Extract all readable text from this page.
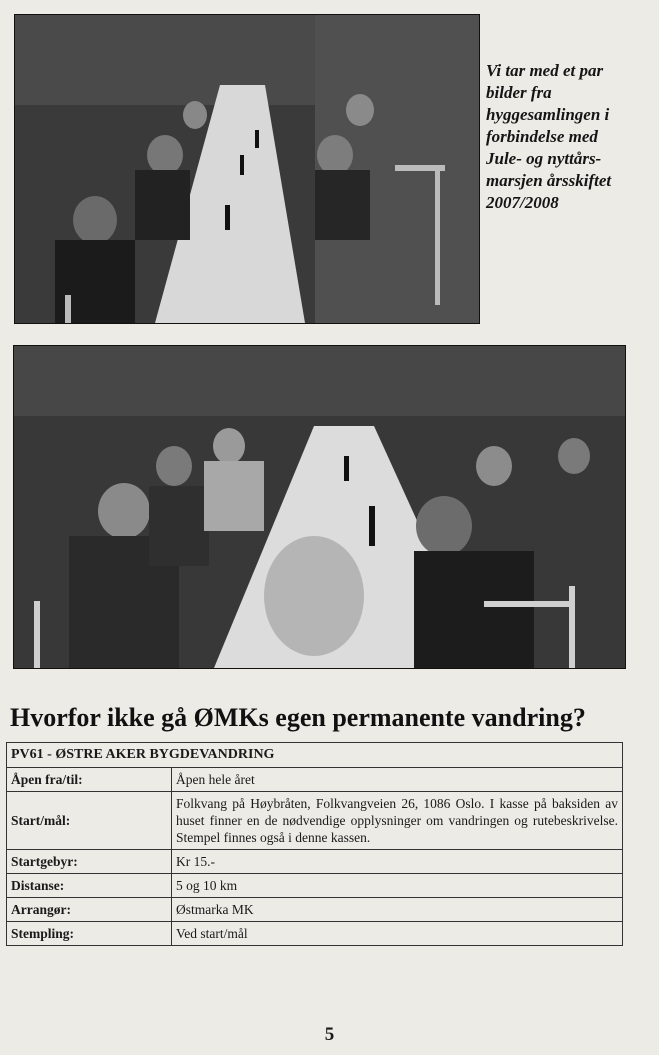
Vi tar med et par
bilder fra
hyggesamlingen i
forbindelse med
Jule- og nyttårs-
marsjen årsskiftet
2007/2008
Hvorfor ikke gå ØMKs egen permanente vandring?
PV61 - ØSTRE AKER BYGDEVANDRING	
Åpen fra/til:	Åpen hele året
Start/mål:	Folkvang på Høybråten, Folkvangveien 26, 1086 Oslo. I kasse på baksiden av huset finner en de nødvendige opplysninger om vandringen og rutebeskrivelse. Stempel finnes også i denne kassen.
Startgebyr:	Kr 15.-
Distanse:	5 og 10 km
Arrangør:	Østmarka MK
Stempling:	Ved start/mål
5
